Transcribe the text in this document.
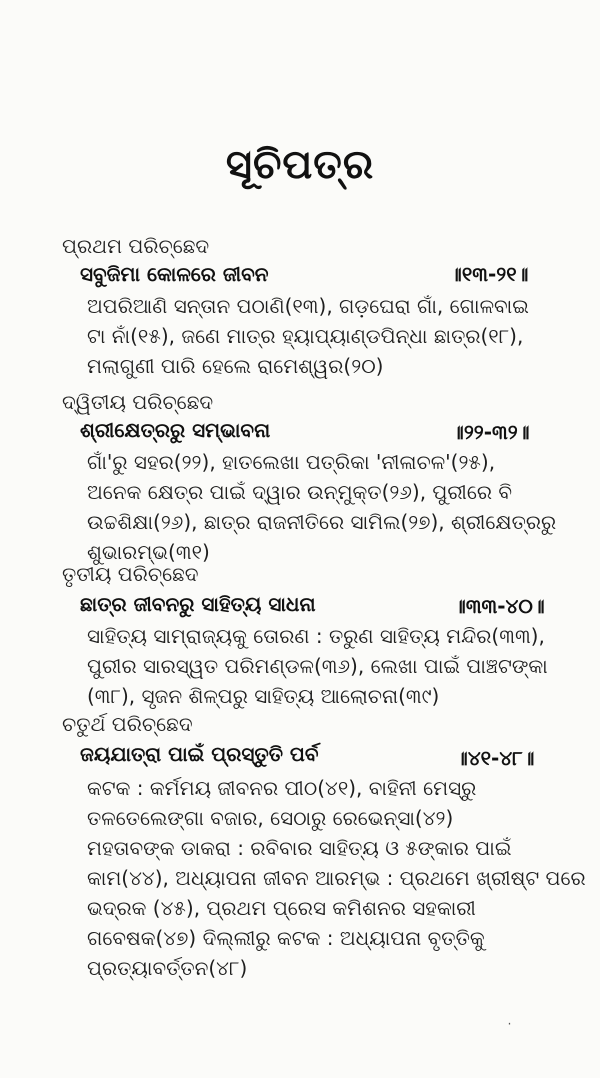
ସୂଚିପତ୍ର
ପ୍ରଥମ ପରିଚ୍ଛେଦ
ସବୁଜିମା କୋଳରେ ଜୀବନ	॥୧୩-୨୧॥
ଅପରିଆଣି ସନ୍ତାନ ପଠାଣି(୧୩), ଗଡ଼ଘେରା ଗାଁ, ଗୋଳବାଇ
ଟା ନାଁ(୧୫), ଜଣେ ମାତ୍ର ହ୍ୟାପ୍ୟାଣ୍ଡପିନ୍ଧା ଛାତ୍ର(୧୮),
ମଲାଗୁଣୀ ପାରି ହେଲେ ରାମେଶ୍ୱର(୨୦)
ଦ୍ୱିତୀୟ ପରିଚ୍ଛେଦ
ଶ୍ରୀକ୍ଷେତ୍ରରୁ ସମ୍ଭାବନା	॥୨୨-୩୨॥
ଗାଁ'ରୁ ସହର(୨୨), ହାତଲେଖା ପତ୍ରିକା 'ନୀଳାଚଳ'(୨୫),
ଅନେକ କ୍ଷେତ୍ର ପାଇଁ ଦ୍ୱାର ଉନ୍ମୁକ୍ତ(୨୬), ପୁରୀରେ ବି
ଉଚ୍ଚଶିକ୍ଷା(୨୬), ଛାତ୍ର ରାଜନୀତିରେ ସାମିଲ(୨୭), ଶ୍ରୀକ୍ଷେତ୍ରରୁ
ଶୁଭାରମ୍ଭ(୩୧)
ତୃତୀୟ ପରିଚ୍ଛେଦ
ଛାତ୍ର ଜୀବନରୁ ସାହିତ୍ୟ ସାଧନା	॥୩୩-୪୦॥
ସାହିତ୍ୟ ସାମ୍ରାଜ୍ୟକୁ ତୋରଣ : ତରୁଣ ସାହିତ୍ୟ ମନ୍ଦିର(୩୩),
ପୁରୀର ସାରସ୍ୱତ ପରିମଣ୍ଡଳ(୩୬), ଲେଖା ପାଇଁ ପାଞ୍ଚଟଙ୍କା
(୩୮), ସୃଜନ ଶିଳ୍ପରୁ ସାହିତ୍ୟ ଆଲୋଚନା(୩୯)
ଚତୁର୍ଥ ପରିଚ୍ଛେଦ
ଜୟଯାତ୍ରା ପାଇଁ ପ୍ରସ୍ତୁତି ପର୍ବ	॥୪୧-୪୮॥
କଟକ : କର୍ମମୟ ଜୀବନର ପୀଠ(୪୧), ବାହିନୀ ମେସ୍‌ରୁ
ତଳତେଲେଙ୍ଗା ବଜାର, ସେଠାରୁ ରେଭେନ୍ସା(୪୨)
ମହତାବଙ୍କ ଡାକରା : ରବିବାର ସାହିତ୍ୟ ଓ ୫ଙ୍କାର ପାଇଁ
କାମ(୪୪), ଅଧ୍ୟାପନା ଜୀବନ ଆରମ୍ଭ : ପ୍ରଥମେ ଖ୍ରୀଷ୍ଟ ପରେ
ଭଦ୍ରକ (୪୫), ପ୍ରଥମ ପ୍ରେସ କମିଶନର ସହକାରୀ
ଗବେଷକ(୪୭) ଦିଲ୍ଲୀରୁ କଟକ : ଅଧ୍ୟାପନା ବୃତ୍ତିକୁ
ପ୍ରତ୍ୟାବର୍ତ୍ତନ(୪୮)
